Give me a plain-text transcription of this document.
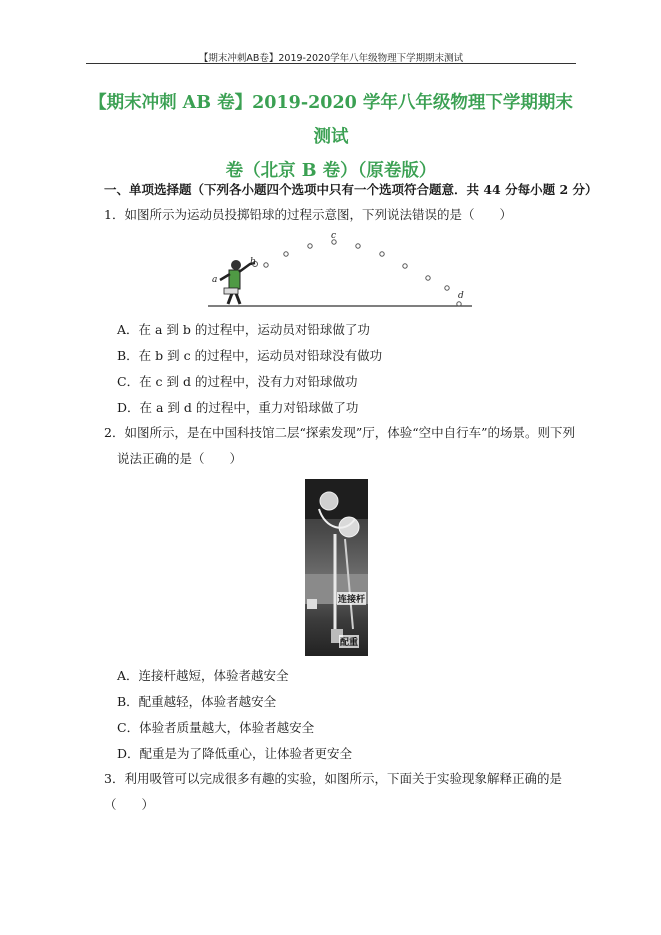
【期末冲刺AB卷】2019-2020学年八年级物理下学期期末测试
【期末冲刺 AB 卷】2019-2020 学年八年级物理下学期期末测试
卷（北京 B 卷）（原卷版）
一、单项选择题（下列各小题四个选项中只有一个选项符合题意．共 44 分每小题 2 分）
1．如图所示为运动员投掷铅球的过程示意图，下列说法错误的是（　　）
a
b
c
d
A．在 a 到 b 的过程中，运动员对铅球做了功
B．在 b 到 c 的过程中，运动员对铅球没有做功
C．在 c 到 d 的过程中，没有力对铅球做功
D．在 a 到 d 的过程中，重力对铅球做了功
2．如图所示，是在中国科技馆二层“探索发现”厅，体验“空中自行车”的场景。则下列
说法正确的是（　　）
连接杆
配重
A．连接杆越短，体验者越安全
B．配重越轻，体验者越安全
C．体验者质量越大，体验者越安全
D．配重是为了降低重心，让体验者更安全
3．利用吸管可以完成很多有趣的实验，如图所示，下面关于实验现象解释正确的是（　　）
